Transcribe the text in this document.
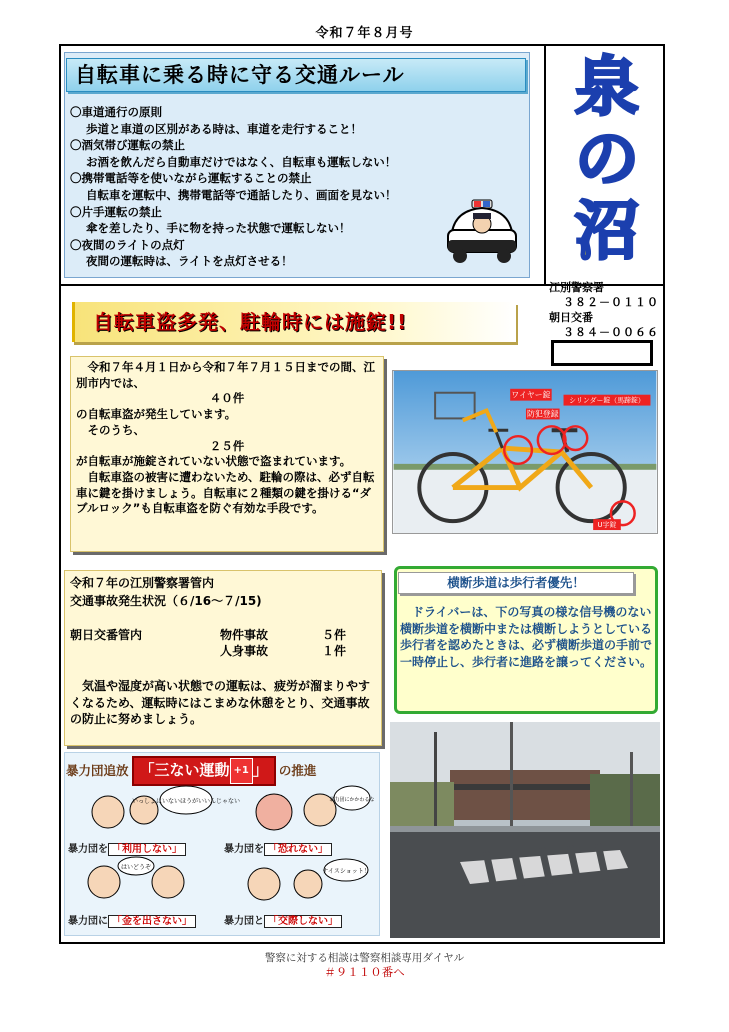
令和７年８月号
自転車に乗る時に守る交通ルール
〇車道通行の原則
歩道と車道の区別がある時は、車道を走行すること！
〇酒気帯び運転の禁止
お酒を飲んだら自動車だけではなく、自転車も運転しない！
〇携帯電話等を使いながら運転することの禁止
自転車を運転中、携帯電話等で通話したり、画面を見ない！
〇片手運転の禁止
傘を差したり、手に物を持った状態で運転しない！
〇夜間のライトの点灯
夜間の運転時は、ライトを点灯させる！
泉
の
沼
江別警察署
３８２－０１１０
朝日交番
３８４－００６６
自転車盗多発、駐輪時には施錠!!
令和７年４月１日から令和７年７月１５日までの間、江別市内では、
４０件
の自転車盗が発生しています。
そのうち、
２５件
が自転車が施錠されていない状態で盗まれています。
自転車盗の被害に遭わないため、駐輪の際は、必ず自転車に鍵を掛けましょう。自転車に２種類の鍵を掛ける“ダブルロック”も自転車盗を防ぐ有効な手段です。
ワイヤー錠
防犯登録
シリンダー錠（馬蹄錠）
U字錠
令和７年の江別警察署管内
交通事故発生状況（６/16～７/15)
朝日交番管内	物件事故	５件
人身事故	１件
気温や湿度が高い状態での運転は、疲労が溜まりやすくなるため、運転時にはこまめな休憩をとり、交通事故の防止に努めましょう。
暴力団追放 「三ない運動 +1 」 の推進
いっしょにいないほうがいいんじゃない
暴力団を 「利用しない」
暴力団にかかわるな
暴力団を 「恐れない」
はいどうぞ
暴力団に 「金を出さない」
ナイスショット！
暴力団と 「交際しない」
横断歩道は歩行者優先！
ドライバーは、下の写真の様な信号機のない横断歩道を横断中または横断しようとしている歩行者を認めたときは、必ず横断歩道の手前で一時停止し、歩行者に進路を譲ってください。
警察に対する相談は警察相談専用ダイヤル
＃９１１０番へ
